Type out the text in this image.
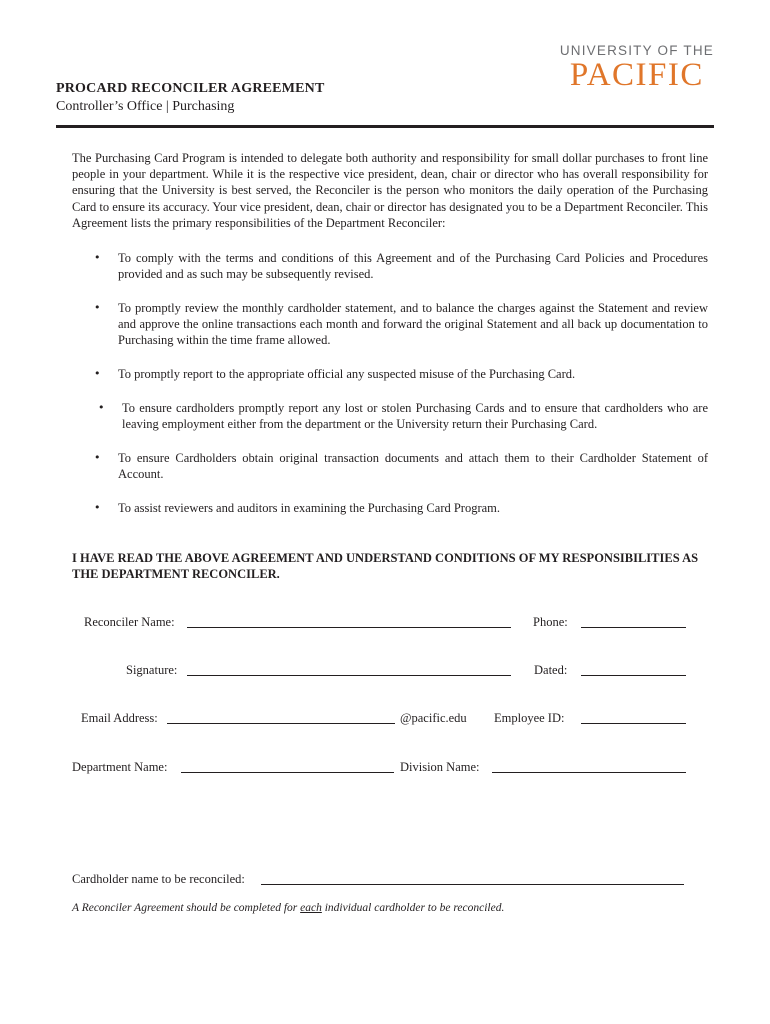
UNIVERSITY OF THE
PACIFIC
PROCARD RECONCILER AGREEMENT
Controller’s Office | Purchasing
The Purchasing Card Program is intended to delegate both authority and responsibility for small dollar purchases to front line people in your department. While it is the respective vice president, dean, chair or director who has overall responsibility for ensuring that the University is best served, the Reconciler is the person who monitors the daily operation of the Purchasing Card to ensure its accuracy. Your vice president, dean, chair or director has designated you to be a Department Reconciler. This Agreement lists the primary responsibilities of the Department Reconciler:
• To comply with the terms and conditions of this Agreement and of the Purchasing Card Policies and Procedures provided and as such may be subsequently revised.
• To promptly review the monthly cardholder statement, and to balance the charges against the Statement and review and approve the online transactions each month and forward the original Statement and all back up documentation to Purchasing within the time frame allowed.
• To promptly report to the appropriate official any suspected misuse of the Purchasing Card.
• To ensure cardholders promptly report any lost or stolen Purchasing Cards and to ensure that cardholders who are leaving employment either from the department or the University return their Purchasing Card.
• To ensure Cardholders obtain original transaction documents and attach them to their Cardholder Statement of Account.
• To assist reviewers and auditors in examining the Purchasing Card Program.
I HAVE READ THE ABOVE AGREEMENT AND UNDERSTAND CONDITIONS OF MY RESPONSIBILITIES AS THE DEPARTMENT RECONCILER.
Reconciler Name:	Phone:
Signature:	Dated:
Email Address:	@pacific.edu Employee ID:
Department Name:	Division Name:
Cardholder name to be reconciled:
A Reconciler Agreement should be completed for each individual cardholder to be reconciled.
